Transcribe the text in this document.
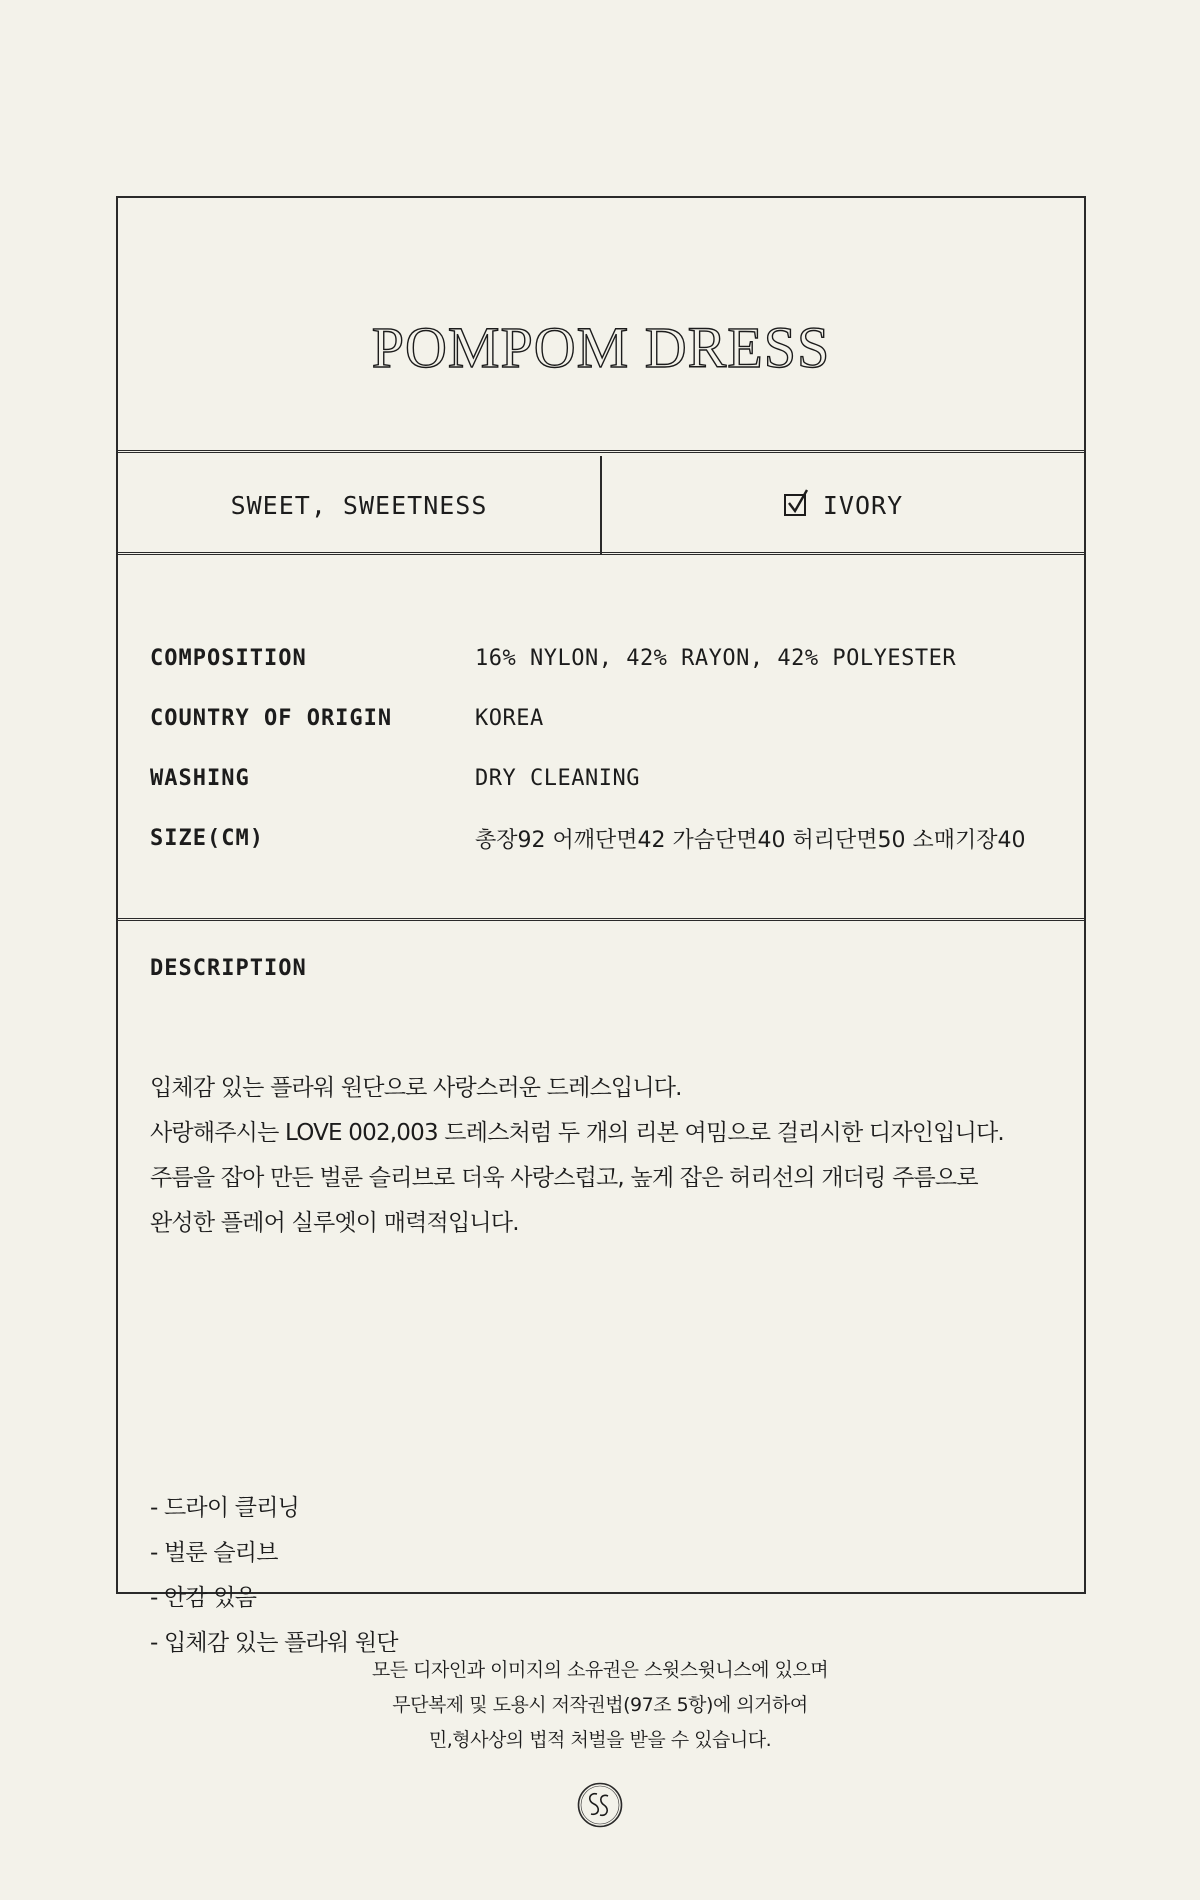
POMPOM DRESS
SWEET, SWEETNESS	IVORY
COMPOSITION	16% NYLON, 42% RAYON, 42% POLYESTER
COUNTRY OF ORIGIN	KOREA
WASHING	DRY CLEANING
SIZE(CM)	총장92 어깨단면42 가슴단면40 허리단면50 소매기장40
DESCRIPTION

입체감 있는 플라워 원단으로 사랑스러운 드레스입니다.

사랑해주시는 LOVE 002,003 드레스처럼 두 개의 리본 여밈으로 걸리시한 디자인입니다.

주름을 잡아 만든 벌룬 슬리브로 더욱 사랑스럽고, 높게 잡은 허리선의 개더링 주름으로

완성한 플레어 실루엣이 매력적입니다.

- 드라이 클리닝
- 벌룬 슬리브
- 안감 있음
- 입체감 있는 플라워 원단
모든 디자인과 이미지의 소유권은 스윗스윗니스에 있으며
무단복제 및 도용시 저작권법(97조 5항)에 의거하여
민,형사상의 법적 처벌을 받을 수 있습니다.
